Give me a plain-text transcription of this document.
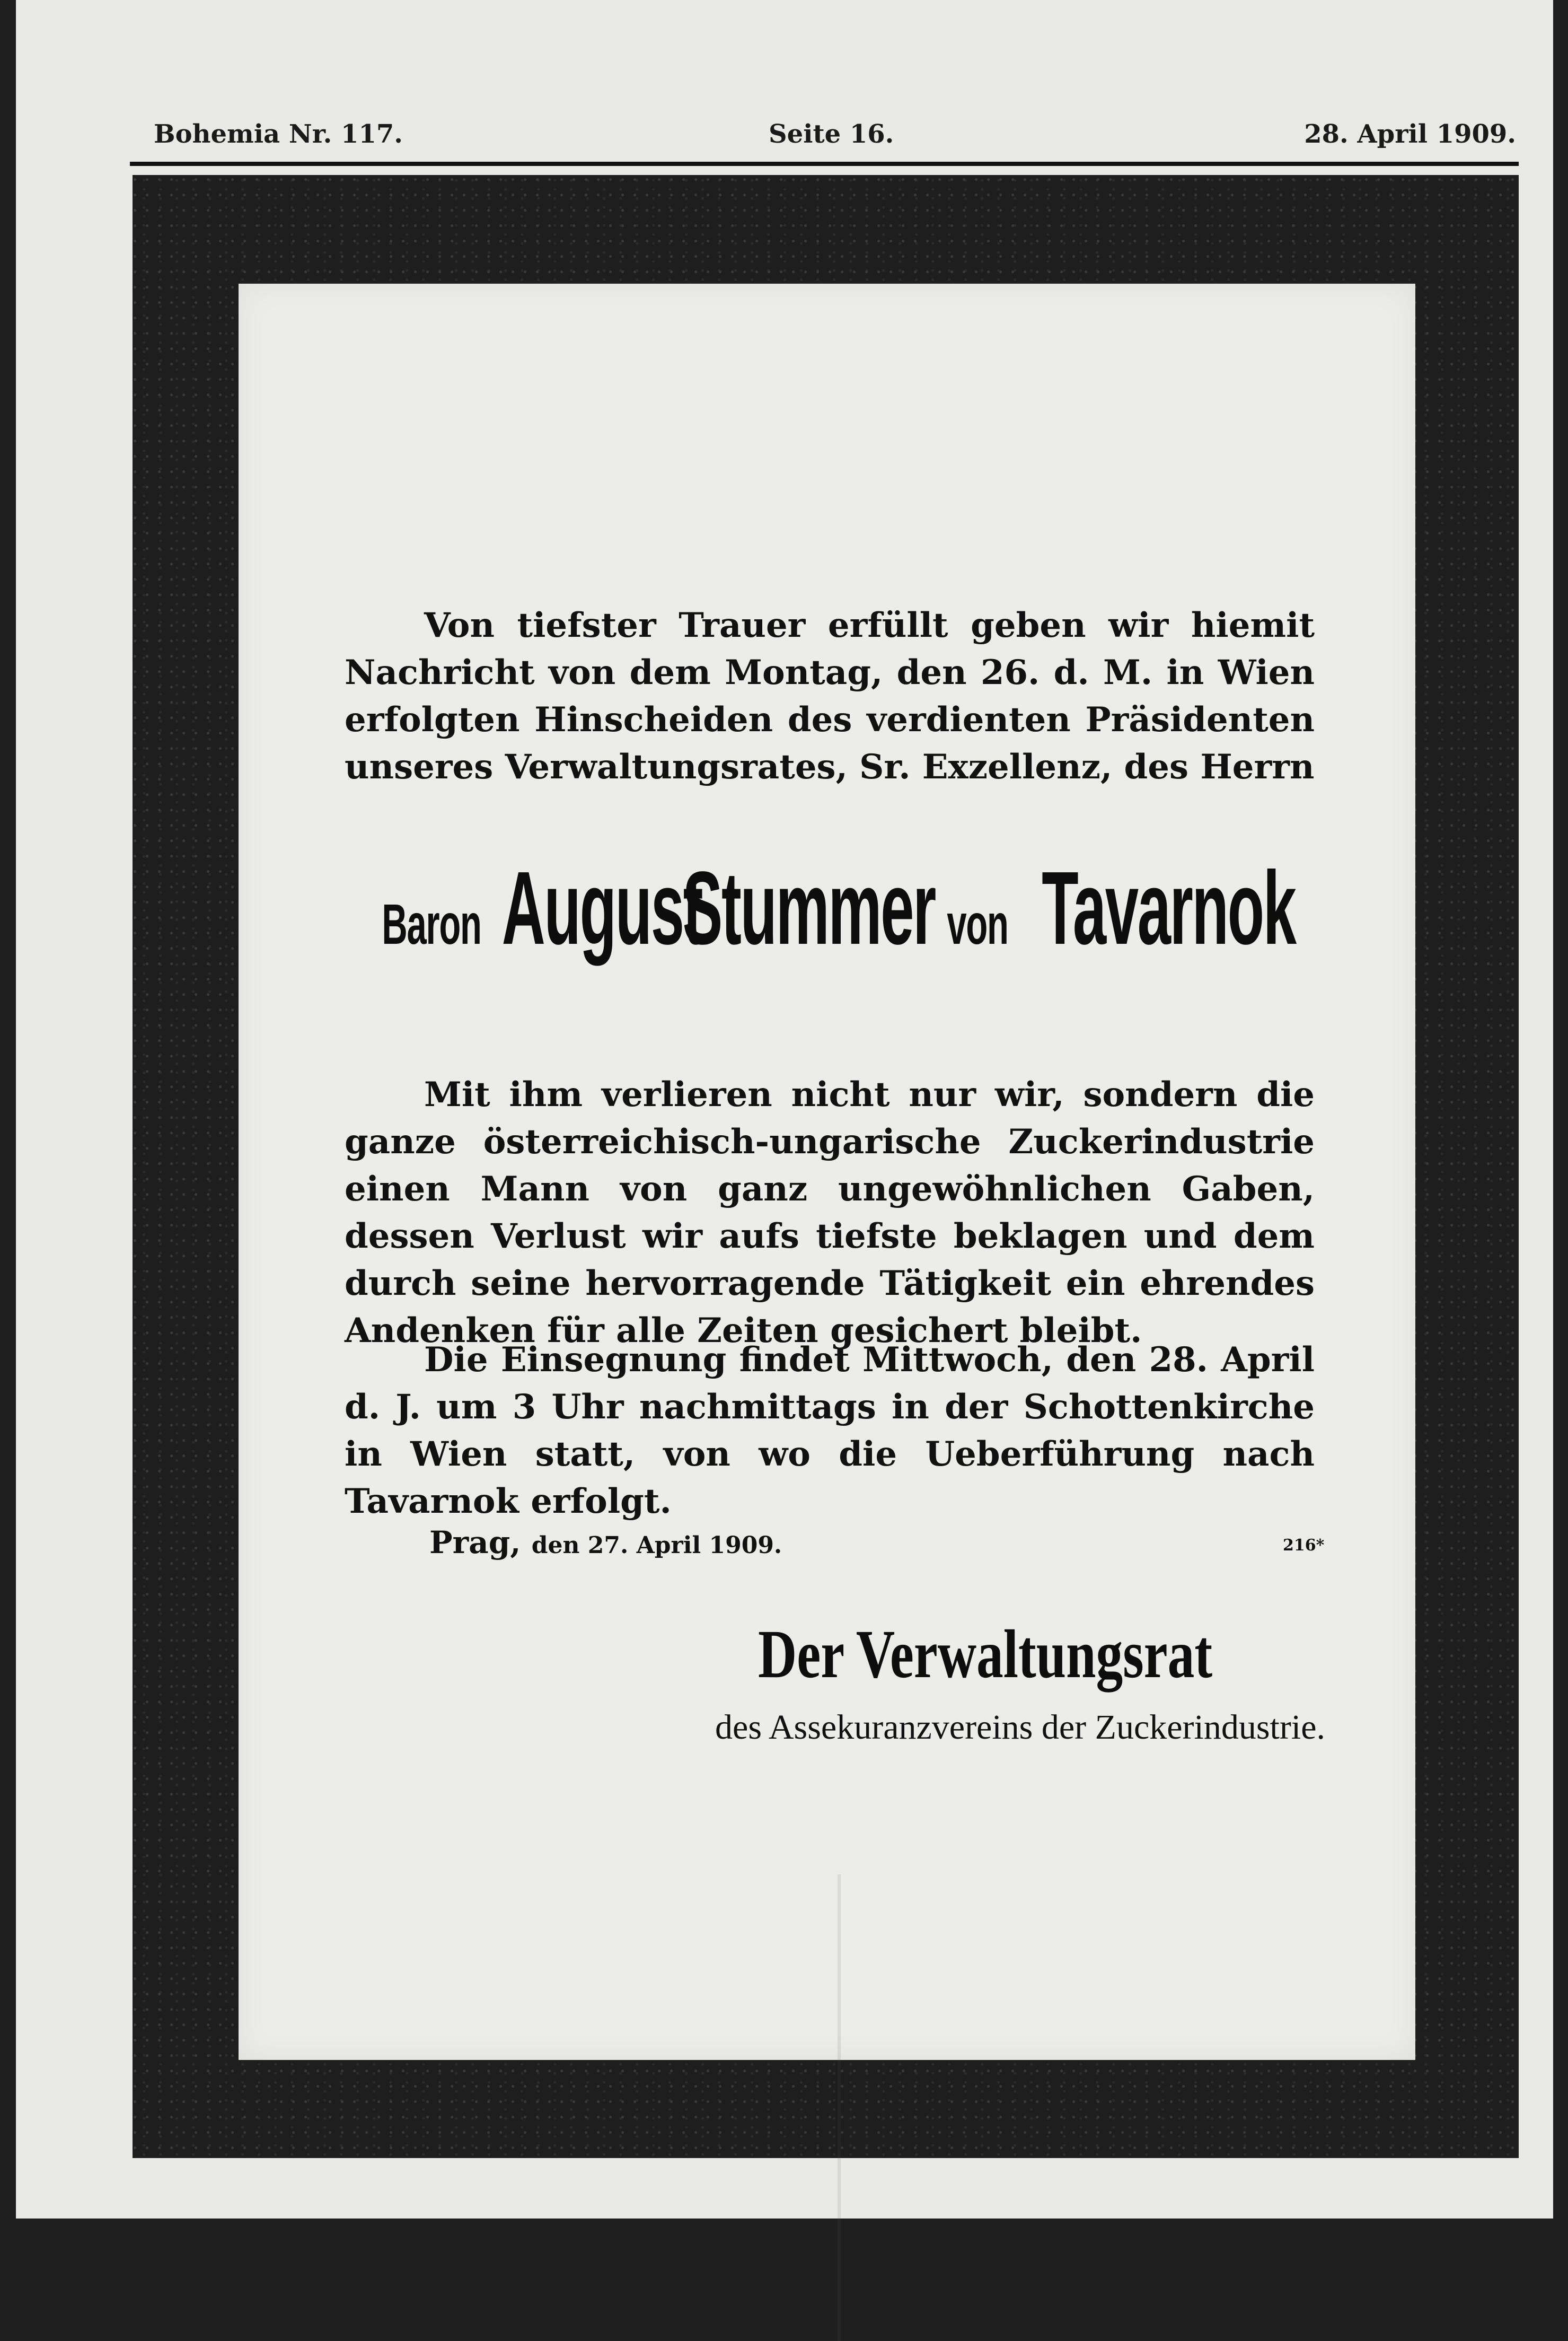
Bohemia Nr. 117.	Seite 16.	28. April 1909.

Von tiefster Trauer erfüllt geben wir hiemit Nachricht von dem Montag, den 26. d. M. in Wien erfolgten Hinscheiden des verdienten Präsidenten unseres Verwaltungsrates, Sr. Exzellenz, des Herrn

Baron August Stummer von Tavarnok

Mit ihm verlieren nicht nur wir, sondern die ganze österreichisch-ungarische Zuckerindustrie einen Mann von ganz ungewöhnlichen Gaben, dessen Verlust wir aufs tiefste beklagen und dem durch seine hervorragende Tätigkeit ein ehrendes Andenken für alle Zeiten gesichert bleibt.

Die Einsegnung findet Mittwoch, den 28. April d. J. um 3 Uhr nachmittags in der Schottenkirche in Wien statt, von wo die Ueberführung nach Tavarnok erfolgt.

Prag, den 27. April 1909.	216*
Der Verwaltungsrat
des Assekuranzvereins der Zuckerindustrie.
